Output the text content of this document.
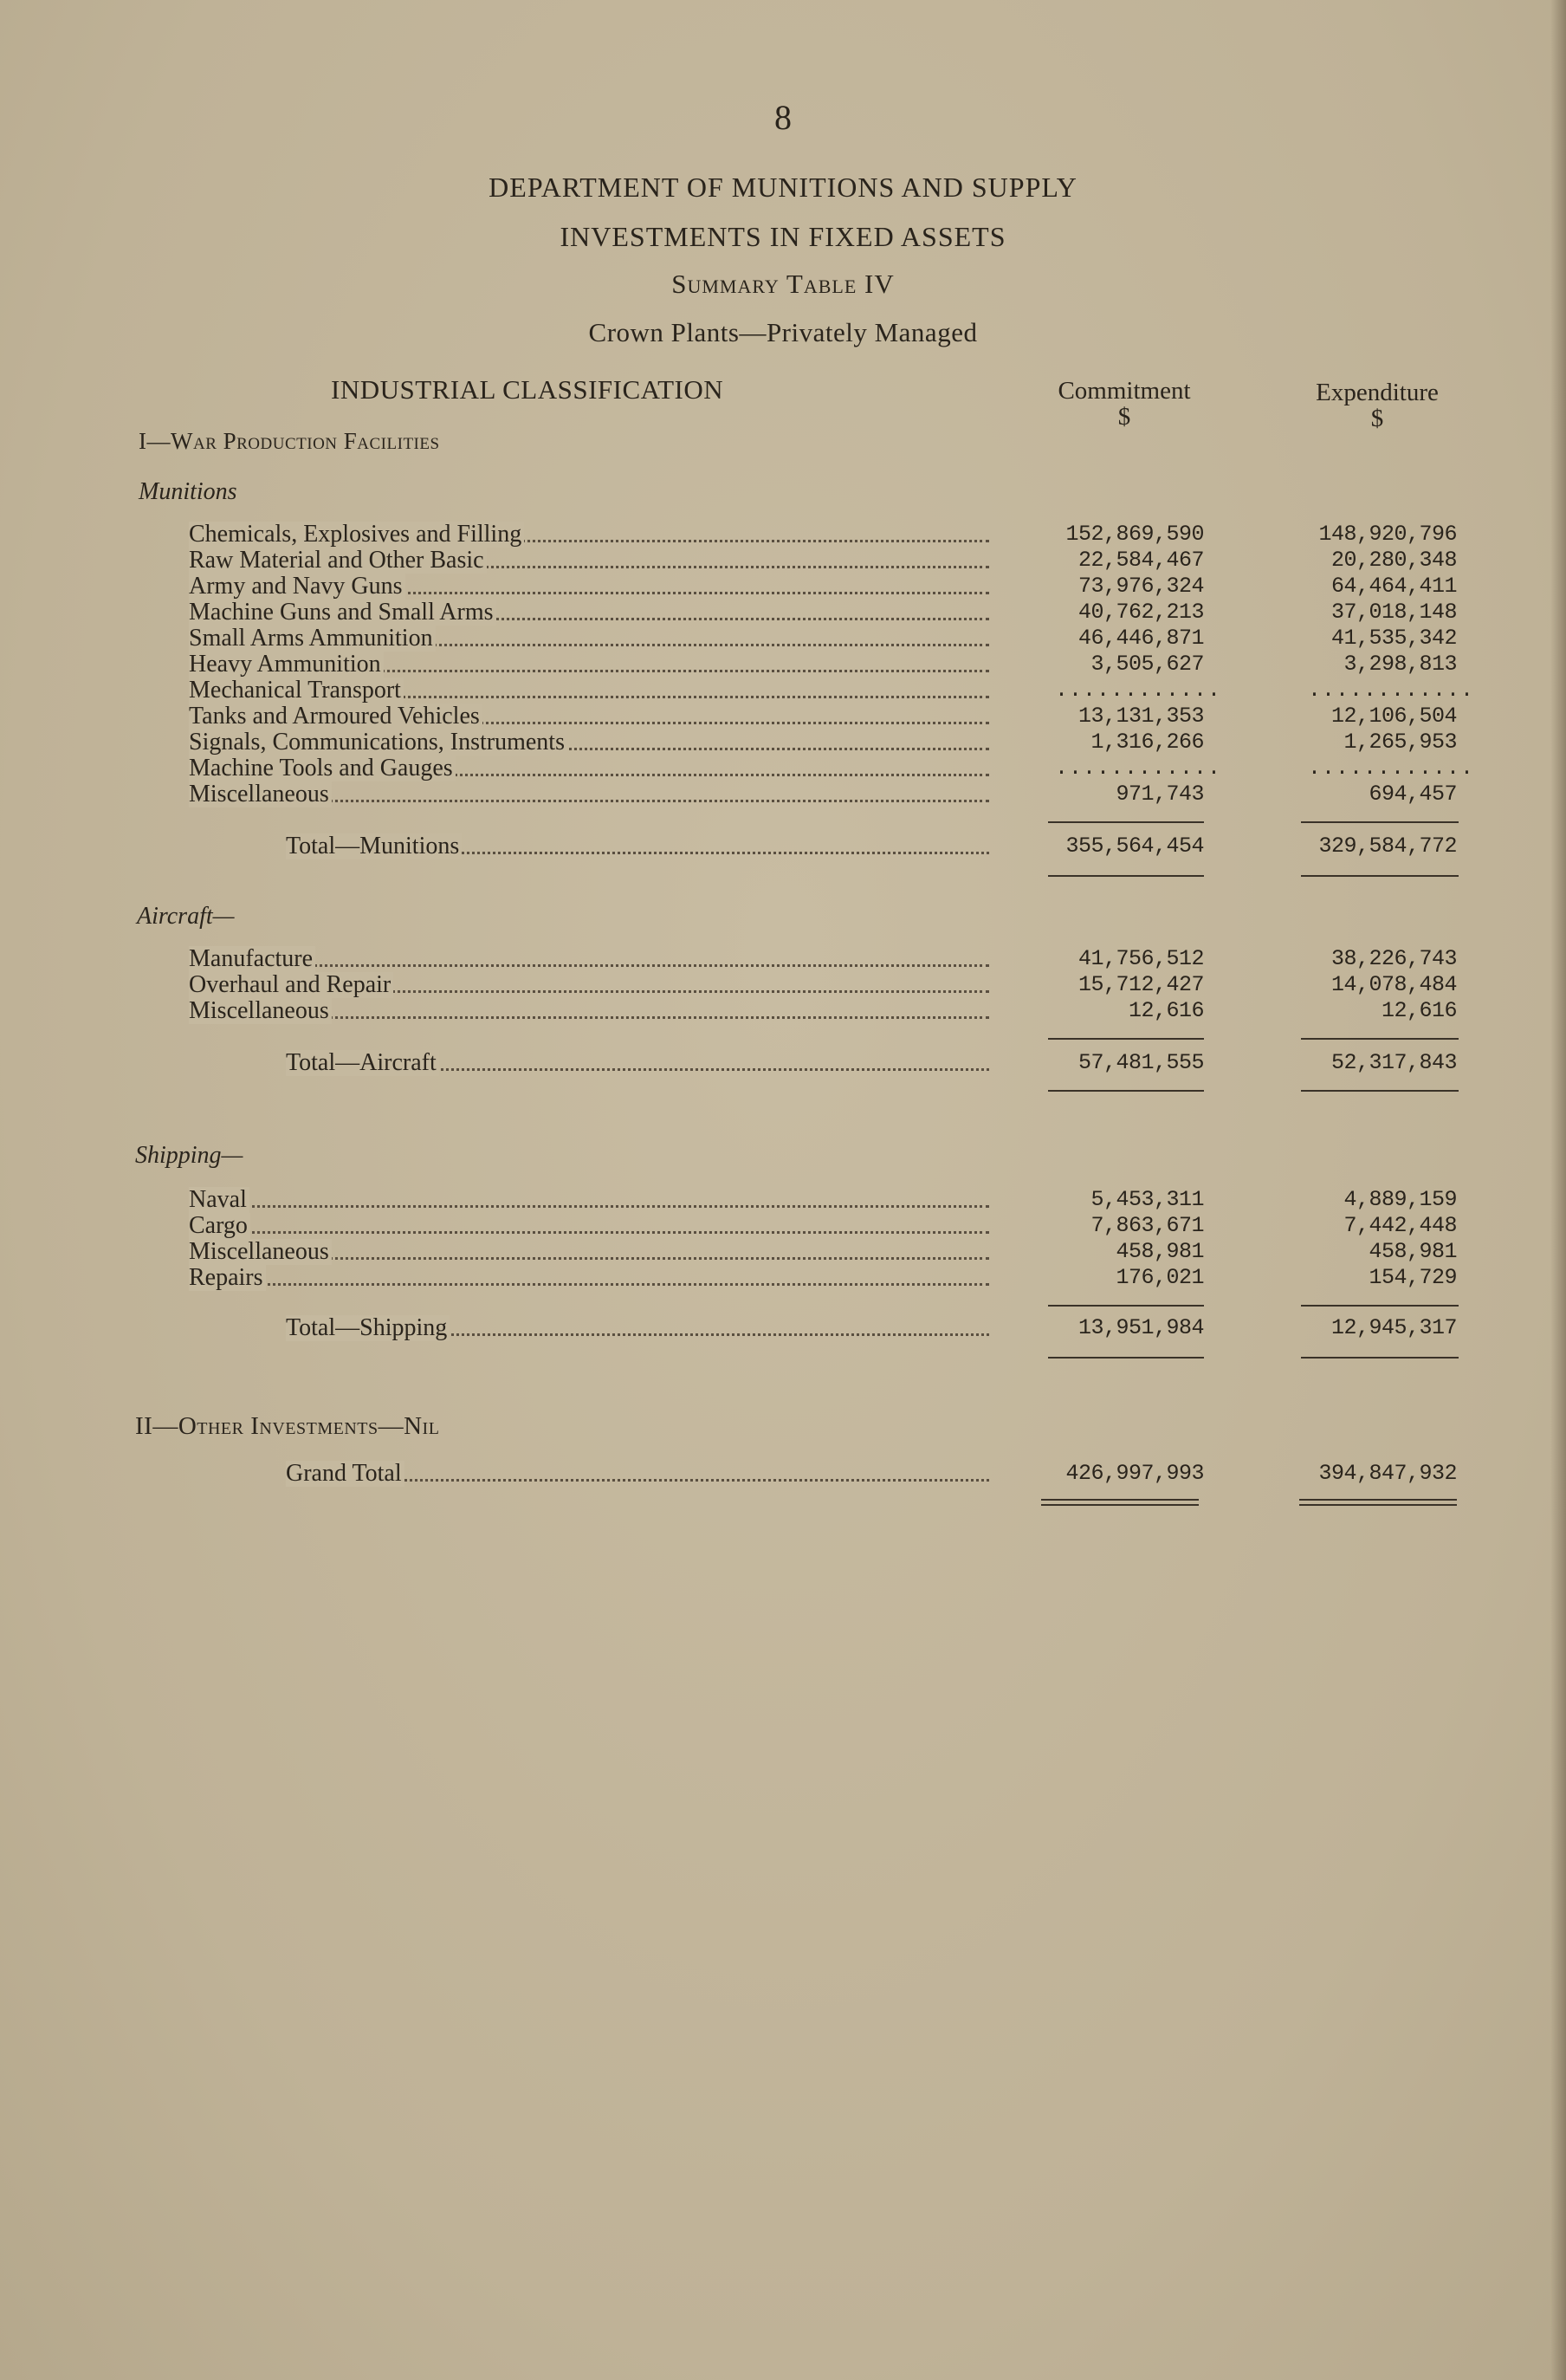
8
DEPARTMENT OF MUNITIONS AND SUPPLY
INVESTMENTS IN FIXED ASSETS
Summary Table IV
Crown Plants—Privately Managed
INDUSTRIAL CLASSIFICATION	Commitment
$
Expenditure
$
I—War Production Facilities
Munitions
Chemicals, Explosives and Filling	152,869,590	148,920,796
Raw Material and Other Basic	22,584,467	20,280,348
Army and Navy Guns	73,976,324	64,464,411
Machine Guns and Small Arms	40,762,213	37,018,148
Small Arms Ammunition	46,446,871	41,535,342
Heavy Ammunition	3,505,627	3,298,813
Mechanical Transport	............	............
Tanks and Armoured Vehicles	13,131,353	12,106,504
Signals, Communications, Instruments	1,316,266	1,265,953
Machine Tools and Gauges	............	............
Miscellaneous	971,743	694,457
Total—Munitions	355,564,454	329,584,772
Aircraft—
Manufacture	41,756,512	38,226,743
Overhaul and Repair	15,712,427	14,078,484
Miscellaneous	12,616	12,616
Total—Aircraft	57,481,555	52,317,843
Shipping—
Naval	5,453,311	4,889,159
Cargo	7,863,671	7,442,448
Miscellaneous	458,981	458,981
Repairs	176,021	154,729
Total—Shipping	13,951,984	12,945,317
II—Other Investments—Nil
Grand Total	426,997,993	394,847,932
